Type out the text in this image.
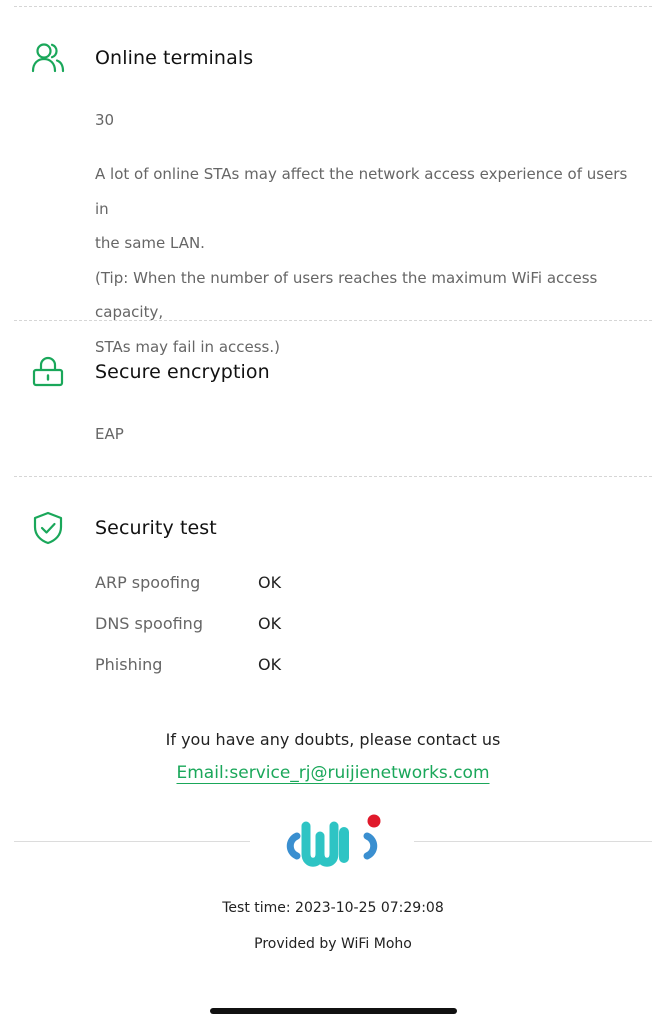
Online terminals
30
A lot of online STAs may affect the network access experience of users in
the same LAN.
(Tip: When the number of users reaches the maximum WiFi access capacity,
STAs may fail in access.)
Secure encryption
EAP
Security test
ARP spoofing	OK
DNS spoofing	OK
Phishing	OK
If you have any doubts, please contact us
Email:service_rj@ruijienetworks.com
Test time: 2023-10-25 07:29:08
Provided by WiFi Moho
